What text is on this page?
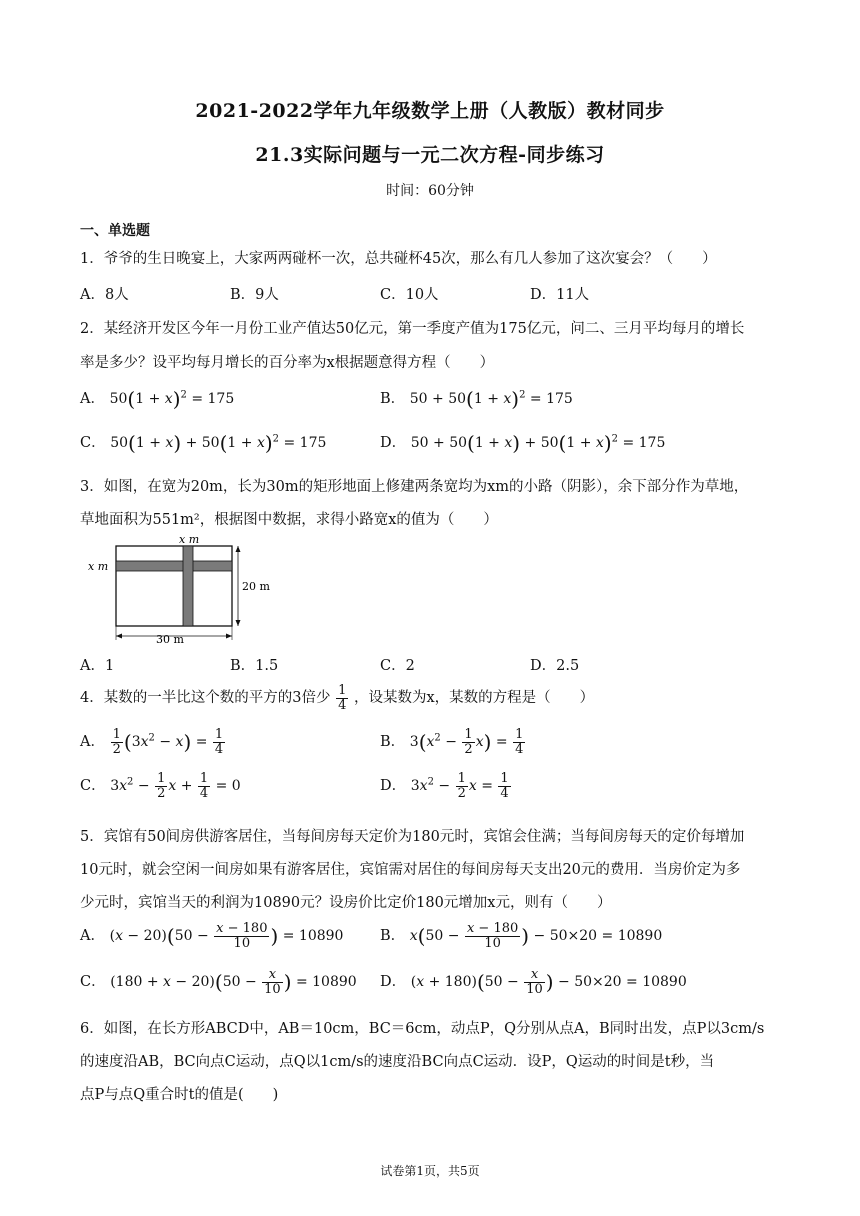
2021-2022学年九年级数学上册（人教版）教材同步
21.3实际问题与一元二次方程-同步练习
时间：60分钟
一、单选题
1．爷爷的生日晚宴上，大家两两碰杯一次，总共碰杯45次，那么有几人参加了这次宴会？（　　）
A．8人	B．9人	C．10人	D．11人
2．某经济开发区今年一月份工业产值达50亿元，第一季度产值为175亿元，问二、三月平均每月的增长
率是多少？设平均每月增长的百分率为x根据题意得方程（　　）
A． $50(1 + x)^2 = 175$	B． $50 + 50(1 + x)^2 = 175$
C． $50(1 + x) + 50(1 + x)^2 = 175$	D． $50 + 50(1 + x) + 50(1 + x)^2 = 175$
3．如图，在宽为20m，长为30m的矩形地面上修建两条宽均为xm的小路（阴影），余下部分作为草地，
草地面积为551m²，根据图中数据，求得小路宽x的值为（　　）
x m
x m
20 m
30 m
A．1	B．1.5	C．2	D．2.5
4．某数的一半比这个数的平方的3倍少 $\frac{1}{4}$ ，设某数为x，某数的方程是（　　）
A． $\frac{1}{2} (3x^2 - x) = \frac{1}{4}$	B． $3(x^2 - \frac{1}{2} x) = \frac{1}{4}$
C． $3x^2 - \frac{1}{2}$ $x + \frac{1}{4} = 0$	D． $3x^2 - \frac{1}{2}$ $x = \frac{1}{4}$
5．宾馆有50间房供游客居住，当每间房每天定价为180元时，宾馆会住满；当每间房每天的定价每增加
10元时，就会空闲一间房如果有游客居住，宾馆需对居住的每间房每天支出20元的费用．当房价定为多
少元时，宾馆当天的利润为10890元？设房价比定价180元增加x元，则有（　　）
A． $(x - 20)(50 - \frac{x - 180}{10}$ ) = 10890	B． $x(50 - \frac{x - 180}{10}$ ) − 50×20 = 10890
C． $(180 + x - 20)(50 - \frac{x}{10}$ ) = 10890 D． $(x + 180)(50 - \frac{x}{10}$ ) − 50×20 = 10890
6．如图，在长方形ABCD中，AB＝10cm，BC＝6cm，动点P，Q分别从点A，B同时出发，点P以3cm/s
的速度沿AB，BC向点C运动，点Q以1cm/s的速度沿BC向点C运动．设P，Q运动的时间是t秒，当
点P与点Q重合时t的值是(　　)
试卷第1页，共5页
